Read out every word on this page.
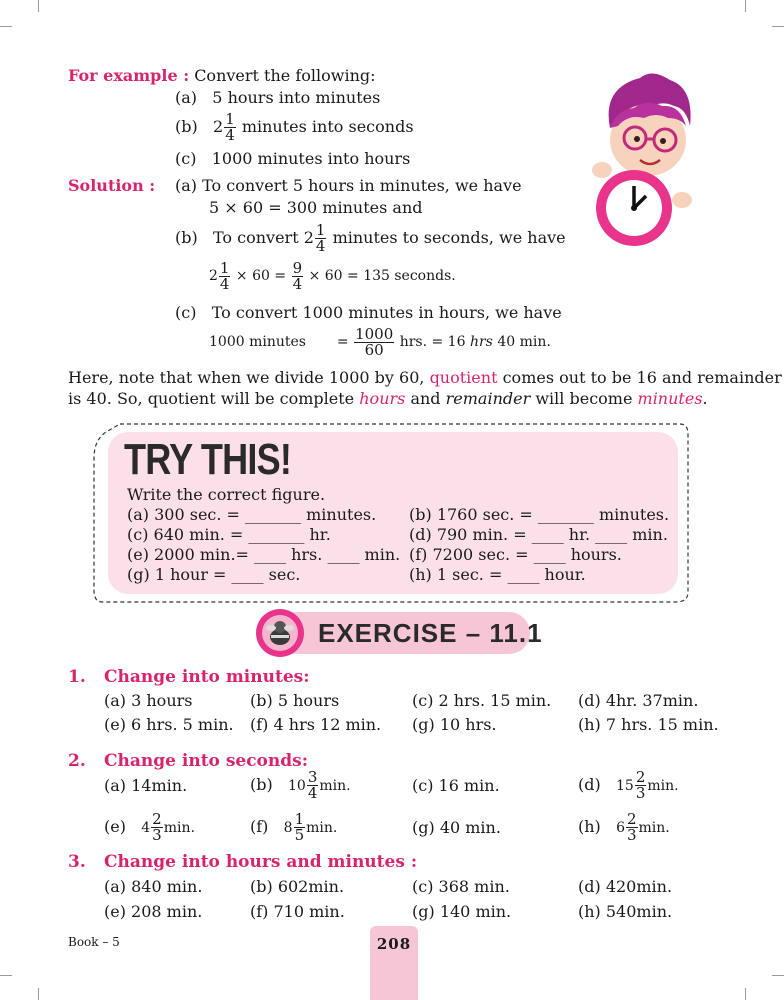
For example : Convert the following:
(a) 5 hours into minutes
(b) $2 \frac{1}{4}$ minutes into seconds
(c) 1000 minutes into hours
Solution : (a) To convert 5 hours in minutes, we have
5 × 60 = 300 minutes and
(b) To convert $2 \frac{1}{4}$ minutes to seconds, we have
$2 \frac{1}{4} \times 60 = \frac{9}{4} \times 60 = 135$ seconds.
(c) To convert 1000 minutes in hours, we have
1000 minutes = $\frac{1000}{60}$ hrs. = 16 hrs 40 min.
Here, note that when we divide 1000 by 60, quotient comes out to be 16 and remainder
is 40. So, quotient will be complete hours and remainder will become minutes.
TRY THIS!
Write the correct figure.
(a) 300 sec. = _______ minutes. (b) 1760 sec. = _______ minutes.
(c) 640 min. = _______ hr.	(d) 790 min. = ____ hr. ____ min.
(e) 2000 min.= ____ hrs. ____ min. (f) 7200 sec. = ____ hours.
(g) 1 hour = ____ sec.	(h) 1 sec. = ____ hour.
EXERCISE – 11.1
1. Change into minutes:
(a) 3 hours	(b) 5 hours	(c) 2 hrs. 15 min. (d) 4hr. 37min.
(e) 6 hrs. 5 min. (f) 4 hrs 12 min. (g) 10 hrs.	(h) 7 hrs. 15 min.
2. Change into seconds:
(a) 14min.	(b) $10 \frac{3}{4} \min$.	(c) 16 min.	(d) $15 \frac{2}{3} \min$.
(e) $4 \frac{2}{3} \min$.	(f) $8 \frac{1}{5} \min$.	(g) 40 min.	(h) $6 \frac{2}{3} \min$.
3. Change into hours and minutes :
(a) 840 min.	(b) 602min.	(c) 368 min.	(d) 420min.
(e) 208 min.	(f) 710 min.	(g) 140 min.	(h) 540min.
Book – 5	208
